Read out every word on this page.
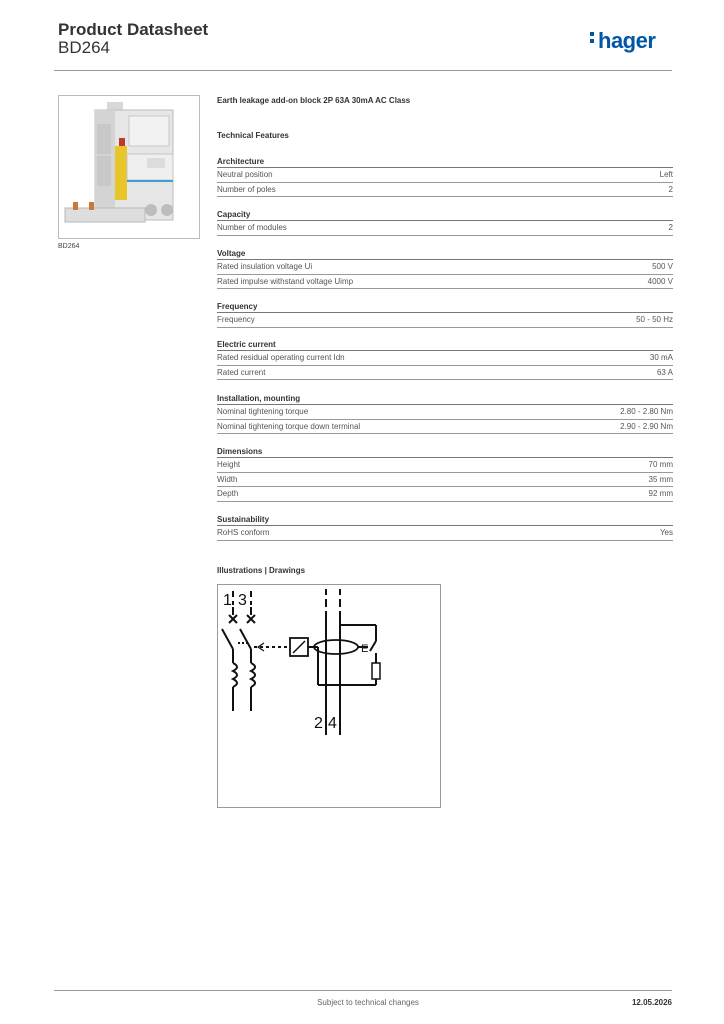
Product Datasheet
BD264	hager
BD264
Earth leakage add-on block 2P 63A 30mA AC Class
Technical Features
Architecture
Neutral position	Left
Number of poles	2
Capacity
Number of modules	2
Voltage
Rated insulation voltage Ui	500 V
Rated impulse withstand voltage Uimp	4000 V
Frequency
Frequency	50 - 50 Hz
Electric current
Rated residual operating current Idn	30 mA
Rated current	63 A
Installation, mounting
Nominal tightening torque	2.80 - 2.80 Nm
Nominal tightening torque down terminal	2.90 - 2.90 Nm
Dimensions
Height	70 mm
Width	35 mm
Depth	92 mm
Sustainability
RoHS conform	Yes
Illustrations | Drawings
1 3
E
2 4
Subject to technical changes	12.05.2026
